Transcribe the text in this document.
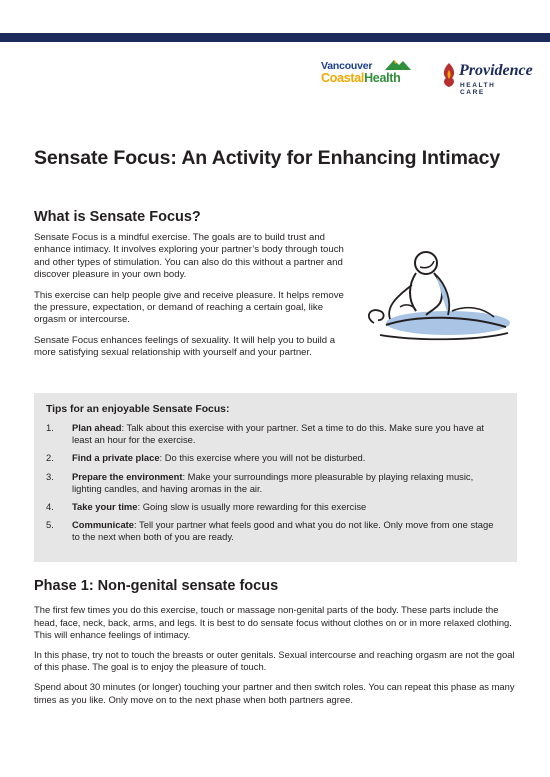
Vancouver
CoastalHealth	Providence
HEALTH CARE
Sensate Focus: An Activity for Enhancing Intimacy
What is Sensate Focus?

Sensate Focus is a mindful exercise. The goals are to build trust and enhance intimacy. It involves exploring your partner’s body through touch and other types of stimulation. You can also do this without a partner and discover pleasure in your own body.

This exercise can help people give and receive pleasure. It helps remove the pressure, expectation, or demand of reaching a certain goal, like orgasm or intercourse.

Sensate Focus enhances feelings of sexuality. It will help you to build a more satisfying sexual relationship with yourself and your partner.

Tips for an enjoyable Sensate Focus:
1.	Plan ahead: Talk about this exercise with your partner. Set a time to do this. Make sure you have at least an hour for the exercise.
2.	Find a private place: Do this exercise where you will not be disturbed.
3.	Prepare the environment: Make your surroundings more pleasurable by playing relaxing music, lighting candles, and having aromas in the air.
4.	Take your time: Going slow is usually more rewarding for this exercise
5.	Communicate: Tell your partner what feels good and what you do not like. Only move from one stage to the next when both of you are ready.
Phase 1: Non-genital sensate focus

The first few times you do this exercise, touch or massage non-genital parts of the body. These parts include the head, face, neck, back, arms, and legs. It is best to do sensate focus without clothes on or in more relaxed clothing. This will enhance feelings of intimacy.

In this phase, try not to touch the breasts or outer genitals. Sexual intercourse and reaching orgasm are not the goal of this phase. The goal is to enjoy the pleasure of touch.

Spend about 30 minutes (or longer) touching your partner and then switch roles. You can repeat this phase as many times as you like. Only move on to the next phase when both partners agree.
